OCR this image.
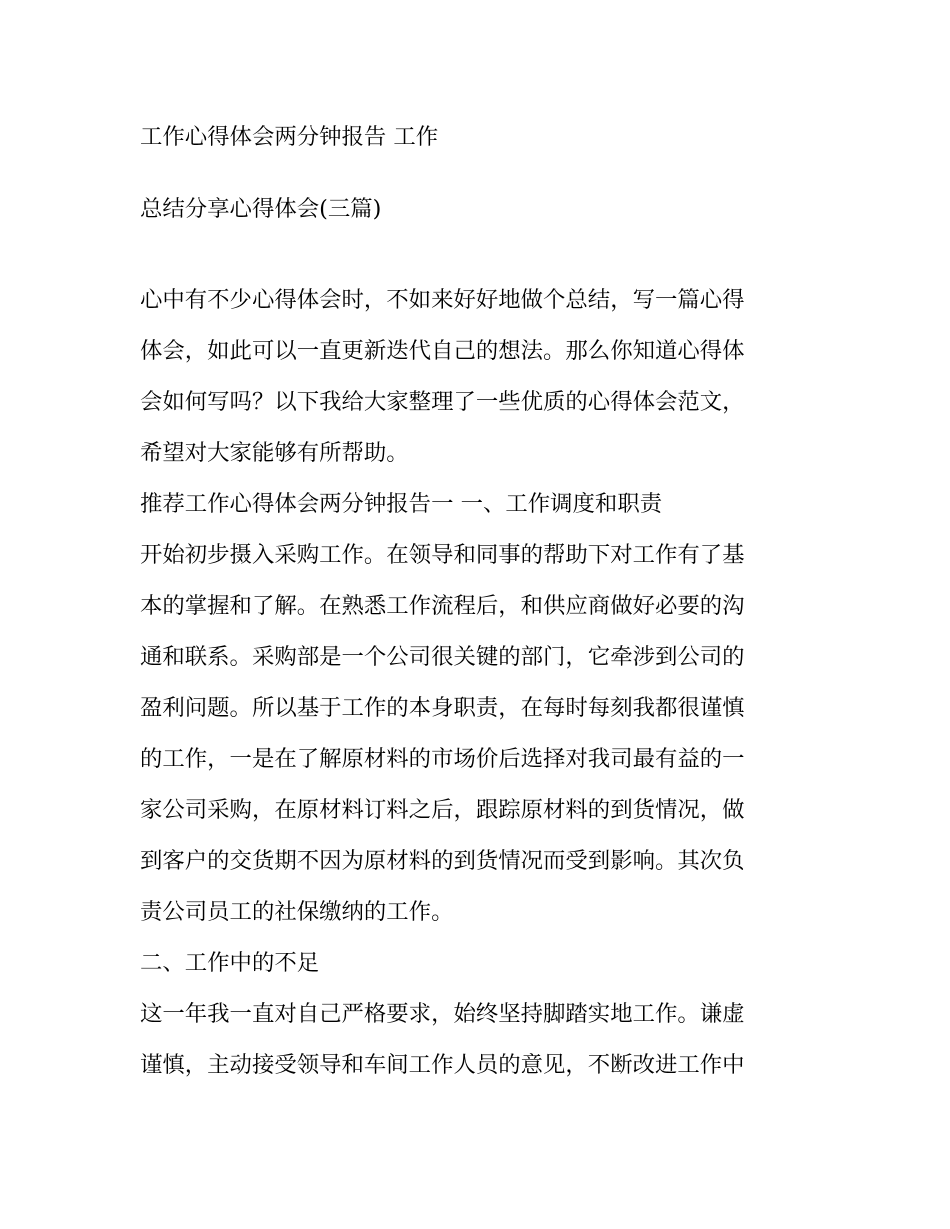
工作心得体会两分钟报告 工作
总结分享心得体会(三篇)
心中有不少心得体会时，不如来好好地做个总结，写一篇心得
体会，如此可以一直更新迭代自己的想法。那么你知道心得体
会如何写吗？以下我给大家整理了一些优质的心得体会范文，
希望对大家能够有所帮助。
推荐工作心得体会两分钟报告一 一、工作调度和职责
开始初步摄入采购工作。在领导和同事的帮助下对工作有了基
本的掌握和了解。在熟悉工作流程后，和供应商做好必要的沟
通和联系。采购部是一个公司很关键的部门，它牵涉到公司的
盈利问题。所以基于工作的本身职责，在每时每刻我都很谨慎
的工作，一是在了解原材料的市场价后选择对我司最有益的一
家公司采购，在原材料订料之后，跟踪原材料的到货情况，做
到客户的交货期不因为原材料的到货情况而受到影响。其次负
责公司员工的社保缴纳的工作。
二、工作中的不足
这一年我一直对自己严格要求，始终坚持脚踏实地工作。谦虚
谨慎，主动接受领导和车间工作人员的意见，不断改进工作中
